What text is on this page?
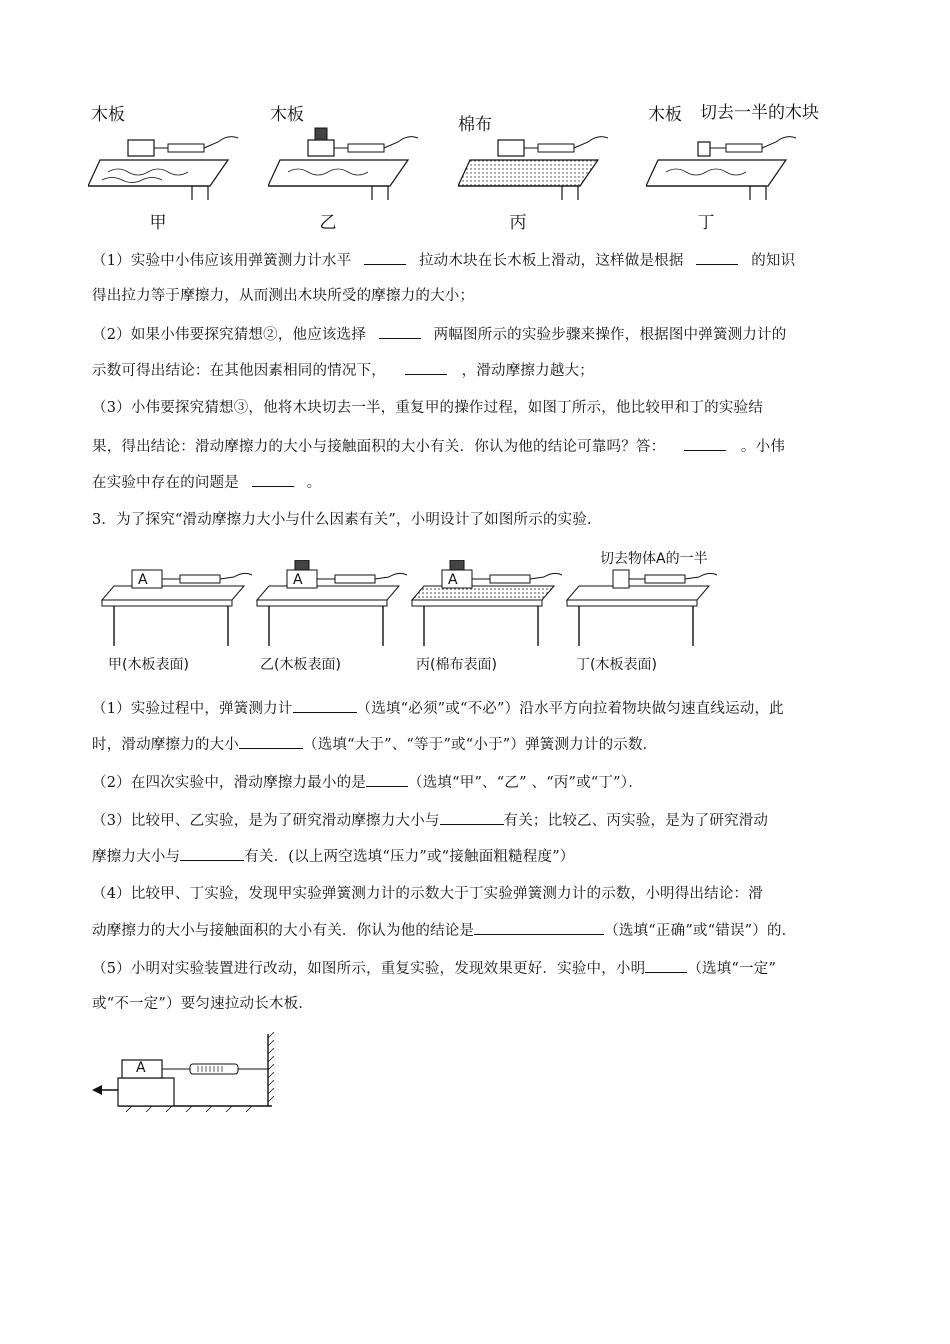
木板
甲
木板
乙
棉布
丙
木板 切去一半的木块
丁
（1）实验中小伟应该用弹簧测力计水平	拉动木块在长木板上滑动，这样做是根据	的知识
得出拉力等于摩擦力，从而测出木块所受的摩擦力的大小；
（2）如果小伟要探究猜想②，他应该选择	两幅图所示的实验步骤来操作，根据图中弹簧测力计的
示数可得出结论：在其他因素相同的情况下，	，滑动摩擦力越大；
（3）小伟要探究猜想③，他将木块切去一半，重复甲的操作过程，如图丁所示，他比较甲和丁的实验结
果，得出结论：滑动摩擦力的大小与接触面积的大小有关．你认为他的结论可靠吗？答：	。小伟
在实验中存在的问题是	。
3．为了探究“滑动摩擦力大小与什么因素有关”，小明设计了如图所示的实验．
切去物体A的一半
A	A	A
甲(木板表面)	乙(木板表面)	丙(棉布表面)	丁(木板表面)
（1）实验过程中，弹簧测力计	（选填“必须”或“不必”）沿水平方向拉着物块做匀速直线运动，此
时，滑动摩擦力的大小	（选填“大于”、“等于”或“小于”）弹簧测力计的示数．
（2）在四次实验中，滑动摩擦力最小的是	（选填“甲”、“乙” 、“丙”或“丁”）．
（3）比较甲、乙实验，是为了研究滑动摩擦力大小与	有关；比较乙、丙实验，是为了研究滑动
摩擦力大小与	有关．(以上两空选填“压力”或“接触面粗糙程度”）
（4）比较甲、丁实验，发现甲实验弹簧测力计的示数大于丁实验弹簧测力计的示数，小明得出结论：滑
动摩擦力的大小与接触面积的大小有关．你认为他的结论是	（选填“正确”或“错误”）的．
（5）小明对实验装置进行改动，如图所示，重复实验，发现效果更好．实验中，小明	（选填“一定”
或“不一定”）要匀速拉动长木板．
A
